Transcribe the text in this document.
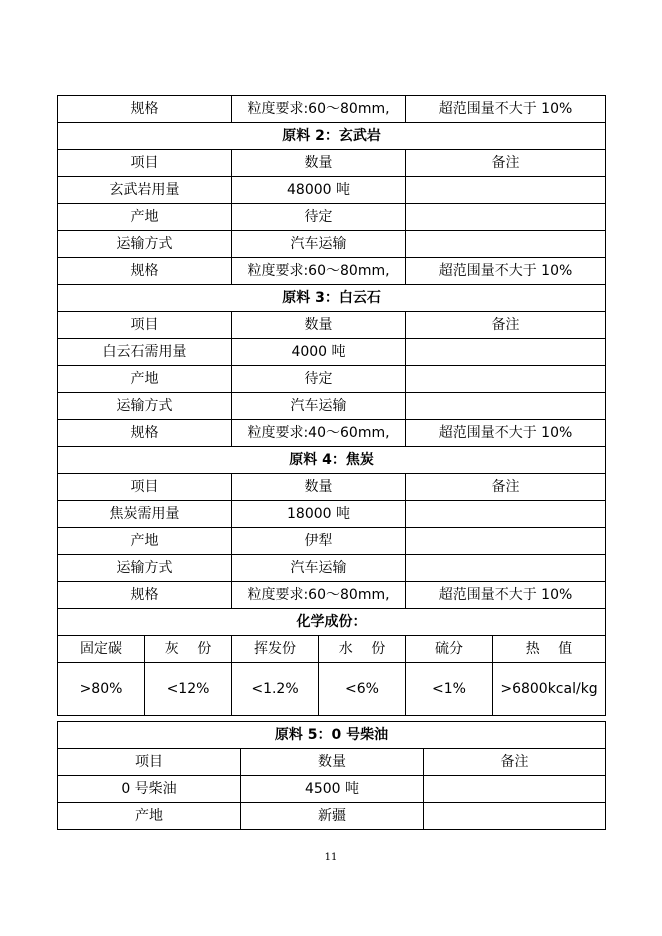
规格		粒度要求:60～80mm,		超范围量不大于 10%	
原料 2：玄武岩					
项目		数量		备注	
玄武岩用量		48000 吨			
产地		待定			
运输方式		汽车运输			
规格		粒度要求:60～80mm,		超范围量不大于 10%	
原料 3：白云石					
项目		数量		备注	
白云石需用量		4000 吨			
产地		待定			
运输方式		汽车运输			
规格		粒度要求:40～60mm,		超范围量不大于 10%	
原料 4：焦炭					
项目		数量		备注	
焦炭需用量		18000 吨			
产地		伊犁			
运输方式		汽车运输			
规格		粒度要求:60～80mm,		超范围量不大于 10%	
化学成份：					
固定碳	灰　 份	挥发份	水　 份	硫分	热　 值
>80%	<12%	<1.2%	<6%	<1%	>6800kcal/kg
原料 5：0 号柴油		
项目	数量	备注
0 号柴油	4500 吨	
产地	新疆	
11
